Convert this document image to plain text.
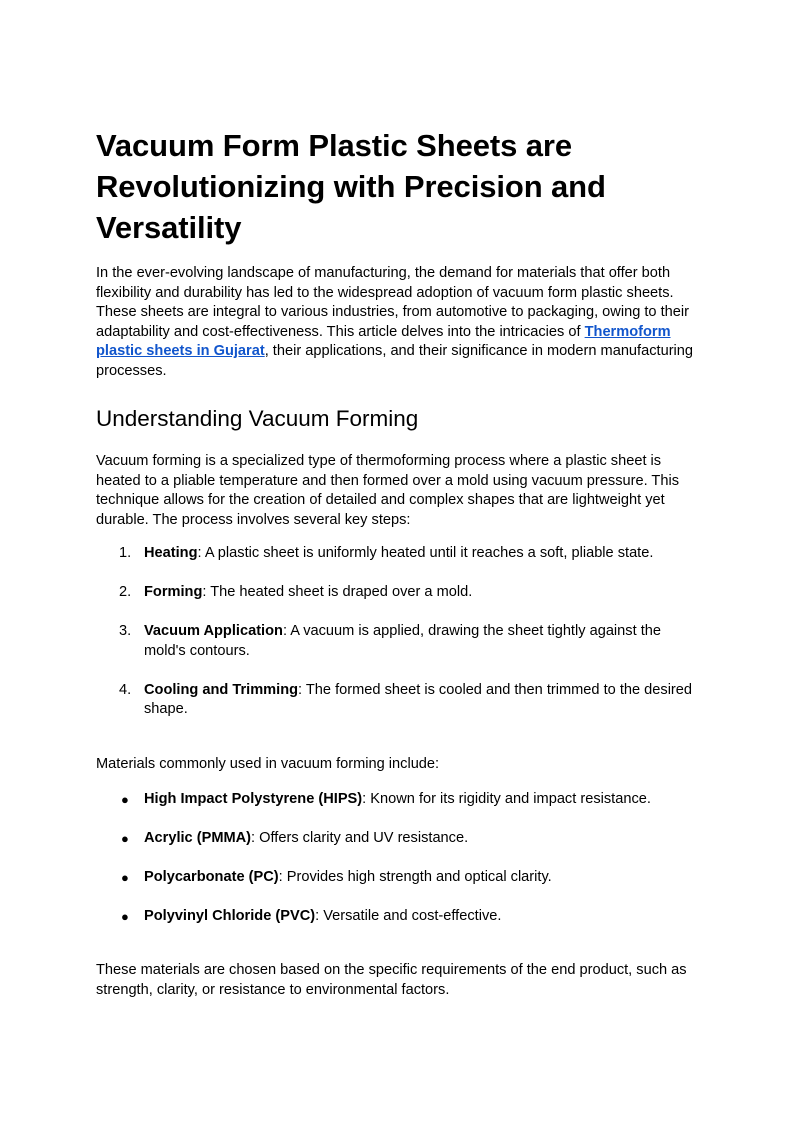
Vacuum Form Plastic Sheets are Revolutionizing with Precision and Versatility

In the ever-evolving landscape of manufacturing, the demand for materials that offer both flexibility and durability has led to the widespread adoption of vacuum form plastic sheets. These sheets are integral to various industries, from automotive to packaging, owing to their adaptability and cost-effectiveness. This article delves into the intricacies of Thermoform plastic sheets in Gujarat, their applications, and their significance in modern manufacturing processes.

Understanding Vacuum Forming

Vacuum forming is a specialized type of thermoforming process where a plastic sheet is heated to a pliable temperature and then formed over a mold using vacuum pressure. This technique allows for the creation of detailed and complex shapes that are lightweight yet durable. The process involves several key steps:

1. Heating: A plastic sheet is uniformly heated until it reaches a soft, pliable state.
2. Forming: The heated sheet is draped over a mold.
3. Vacuum Application: A vacuum is applied, drawing the sheet tightly against the mold's contours.
4. Cooling and Trimming: The formed sheet is cooled and then trimmed to the desired shape.

Materials commonly used in vacuum forming include:

● High Impact Polystyrene (HIPS): Known for its rigidity and impact resistance.
● Acrylic (PMMA): Offers clarity and UV resistance.
● Polycarbonate (PC): Provides high strength and optical clarity.
● Polyvinyl Chloride (PVC): Versatile and cost-effective.

These materials are chosen based on the specific requirements of the end product, such as strength, clarity, or resistance to environmental factors.
